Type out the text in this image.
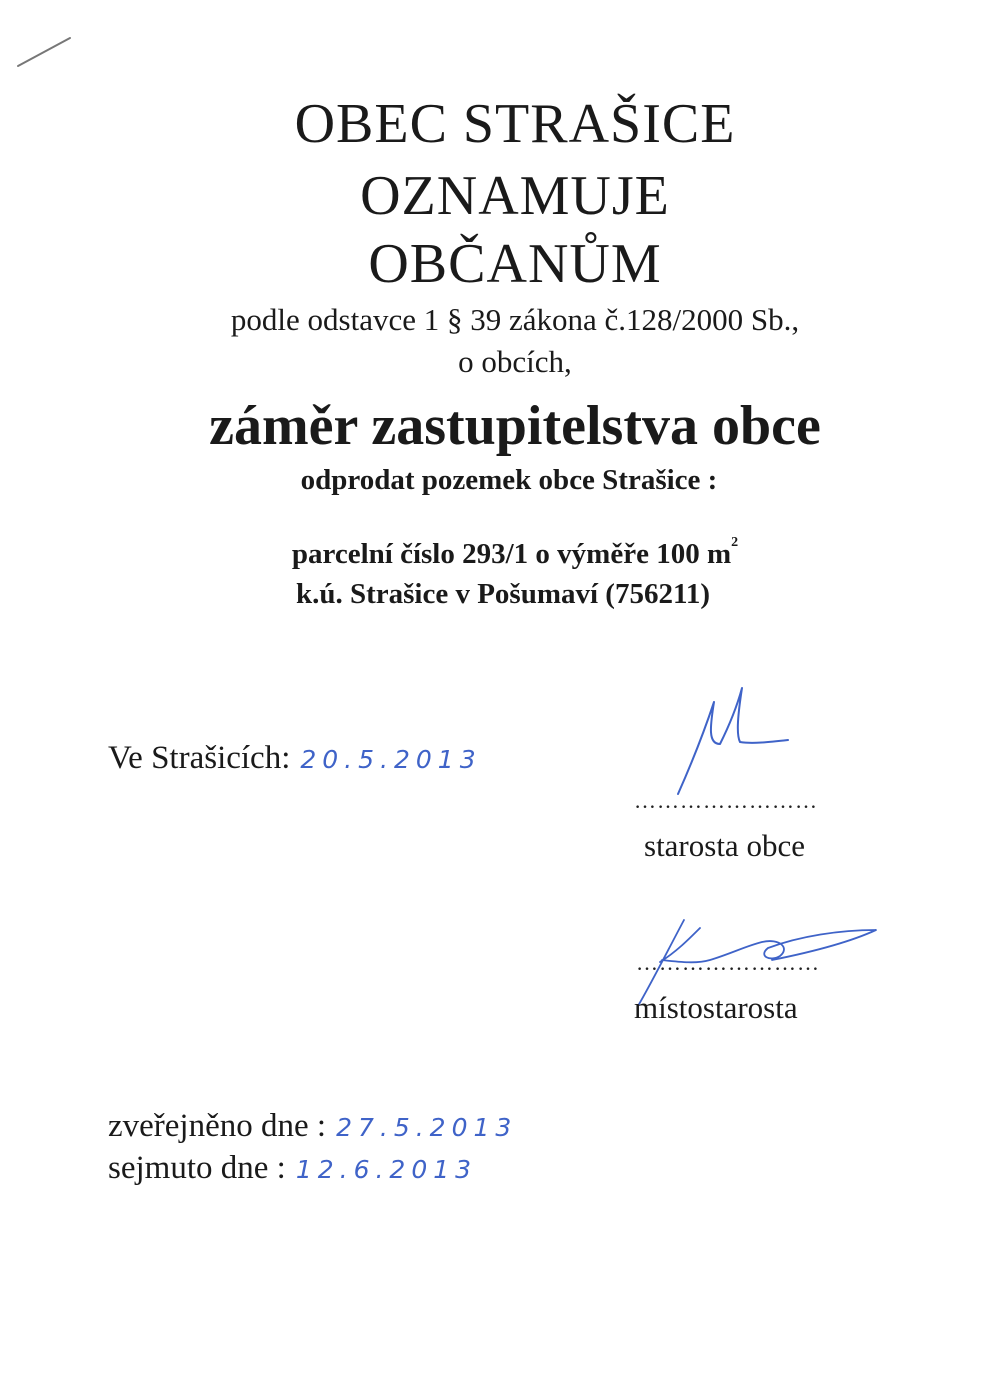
OBEC STRAŠICE
OZNAMUJE
OBČANŮM
podle odstavce 1 § 39 zákona č.128/2000 Sb.,
o obcích,
záměr zastupitelstva obce
odprodat pozemek obce Strašice :
parcelní číslo 293/1 o výměře 100 $m^2$
k.ú. Strašice v Pošumaví (756211)
Ve Strašicích: 20.5.2013
……………………
starosta obce
……………………
místostarosta
zveřejněno dne : 27.5.2013
sejmuto dne : 12.6.2013
